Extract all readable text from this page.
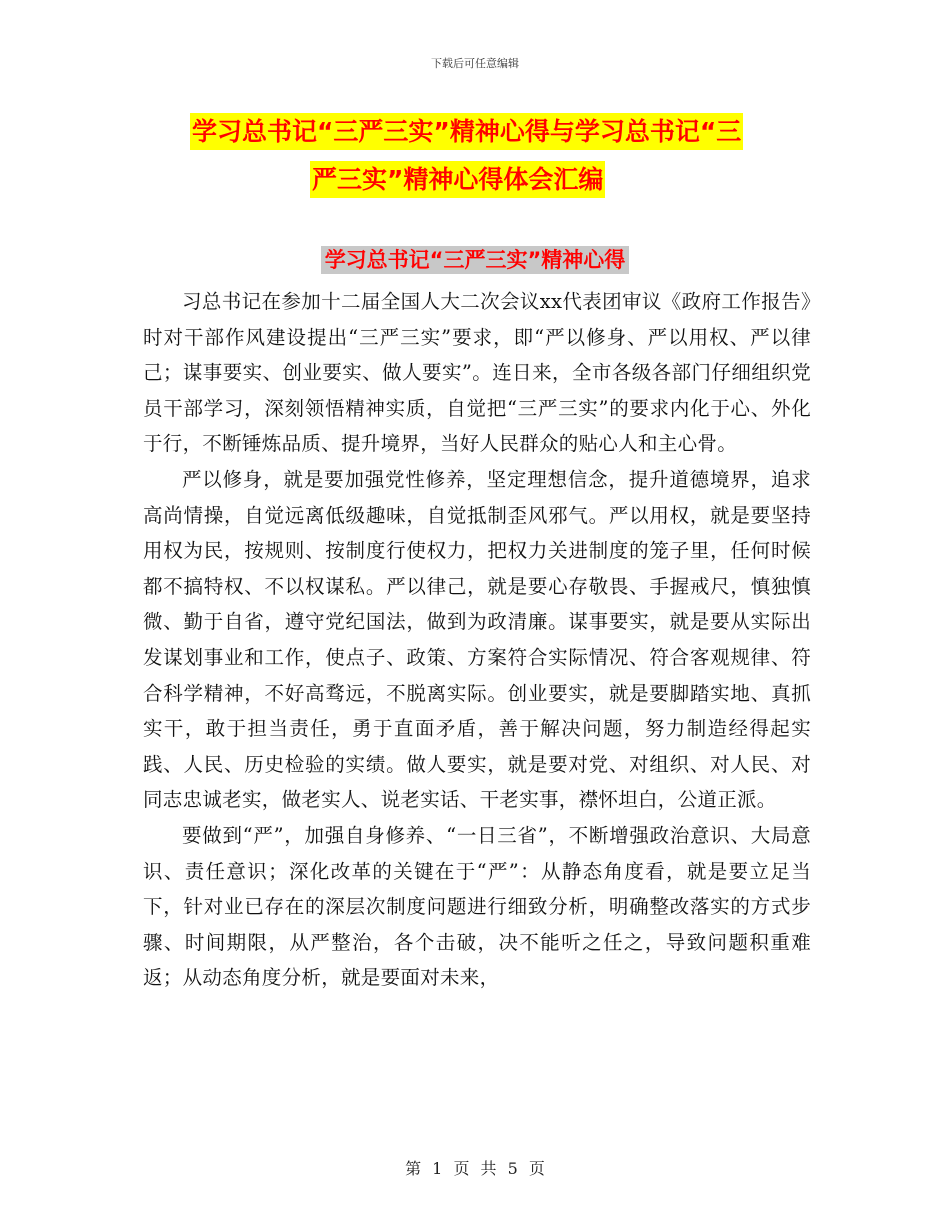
下载后可任意编辑
学习总书记“三严三实”精神心得与学习总书记“三
严三实”精神心得体会汇编
学习总书记“三严三实”精神心得

习总书记在参加十二届全国人大二次会议xx代表团审议《政府工作报告》时对干部作风建设提出“三严三实”要求，即“严以修身、严以用权、严以律己；谋事要实、创业要实、做人要实”。连日来，全市各级各部门仔细组织党员干部学习，深刻领悟精神实质，自觉把“三严三实”的要求内化于心、外化于行，不断锤炼品质、提升境界，当好人民群众的贴心人和主心骨。

严以修身，就是要加强党性修养，坚定理想信念，提升道德境界，追求高尚情操，自觉远离低级趣味，自觉抵制歪风邪气。严以用权，就是要坚持用权为民，按规则、按制度行使权力，把权力关进制度的笼子里，任何时候都不搞特权、不以权谋私。严以律己，就是要心存敬畏、手握戒尺，慎独慎微、勤于自省，遵守党纪国法，做到为政清廉。谋事要实，就是要从实际出发谋划事业和工作，使点子、政策、方案符合实际情况、符合客观规律、符合科学精神，不好高骛远，不脱离实际。创业要实，就是要脚踏实地、真抓实干，敢于担当责任，勇于直面矛盾，善于解决问题，努力制造经得起实践、人民、历史检验的实绩。做人要实，就是要对党、对组织、对人民、对同志忠诚老实，做老实人、说老实话、干老实事，襟怀坦白，公道正派。

要做到“严”，加强自身修养、“一日三省”，不断增强政治意识、大局意识、责任意识；深化改革的关键在于“严”：从静态角度看，就是要立足当下，针对业已存在的深层次制度问题进行细致分析，明确整改落实的方式步骤、时间期限，从严整治，各个击破，决不能听之任之，导致问题积重难返；从动态角度分析，就是要面对未来，

第 1 页 共 5 页
